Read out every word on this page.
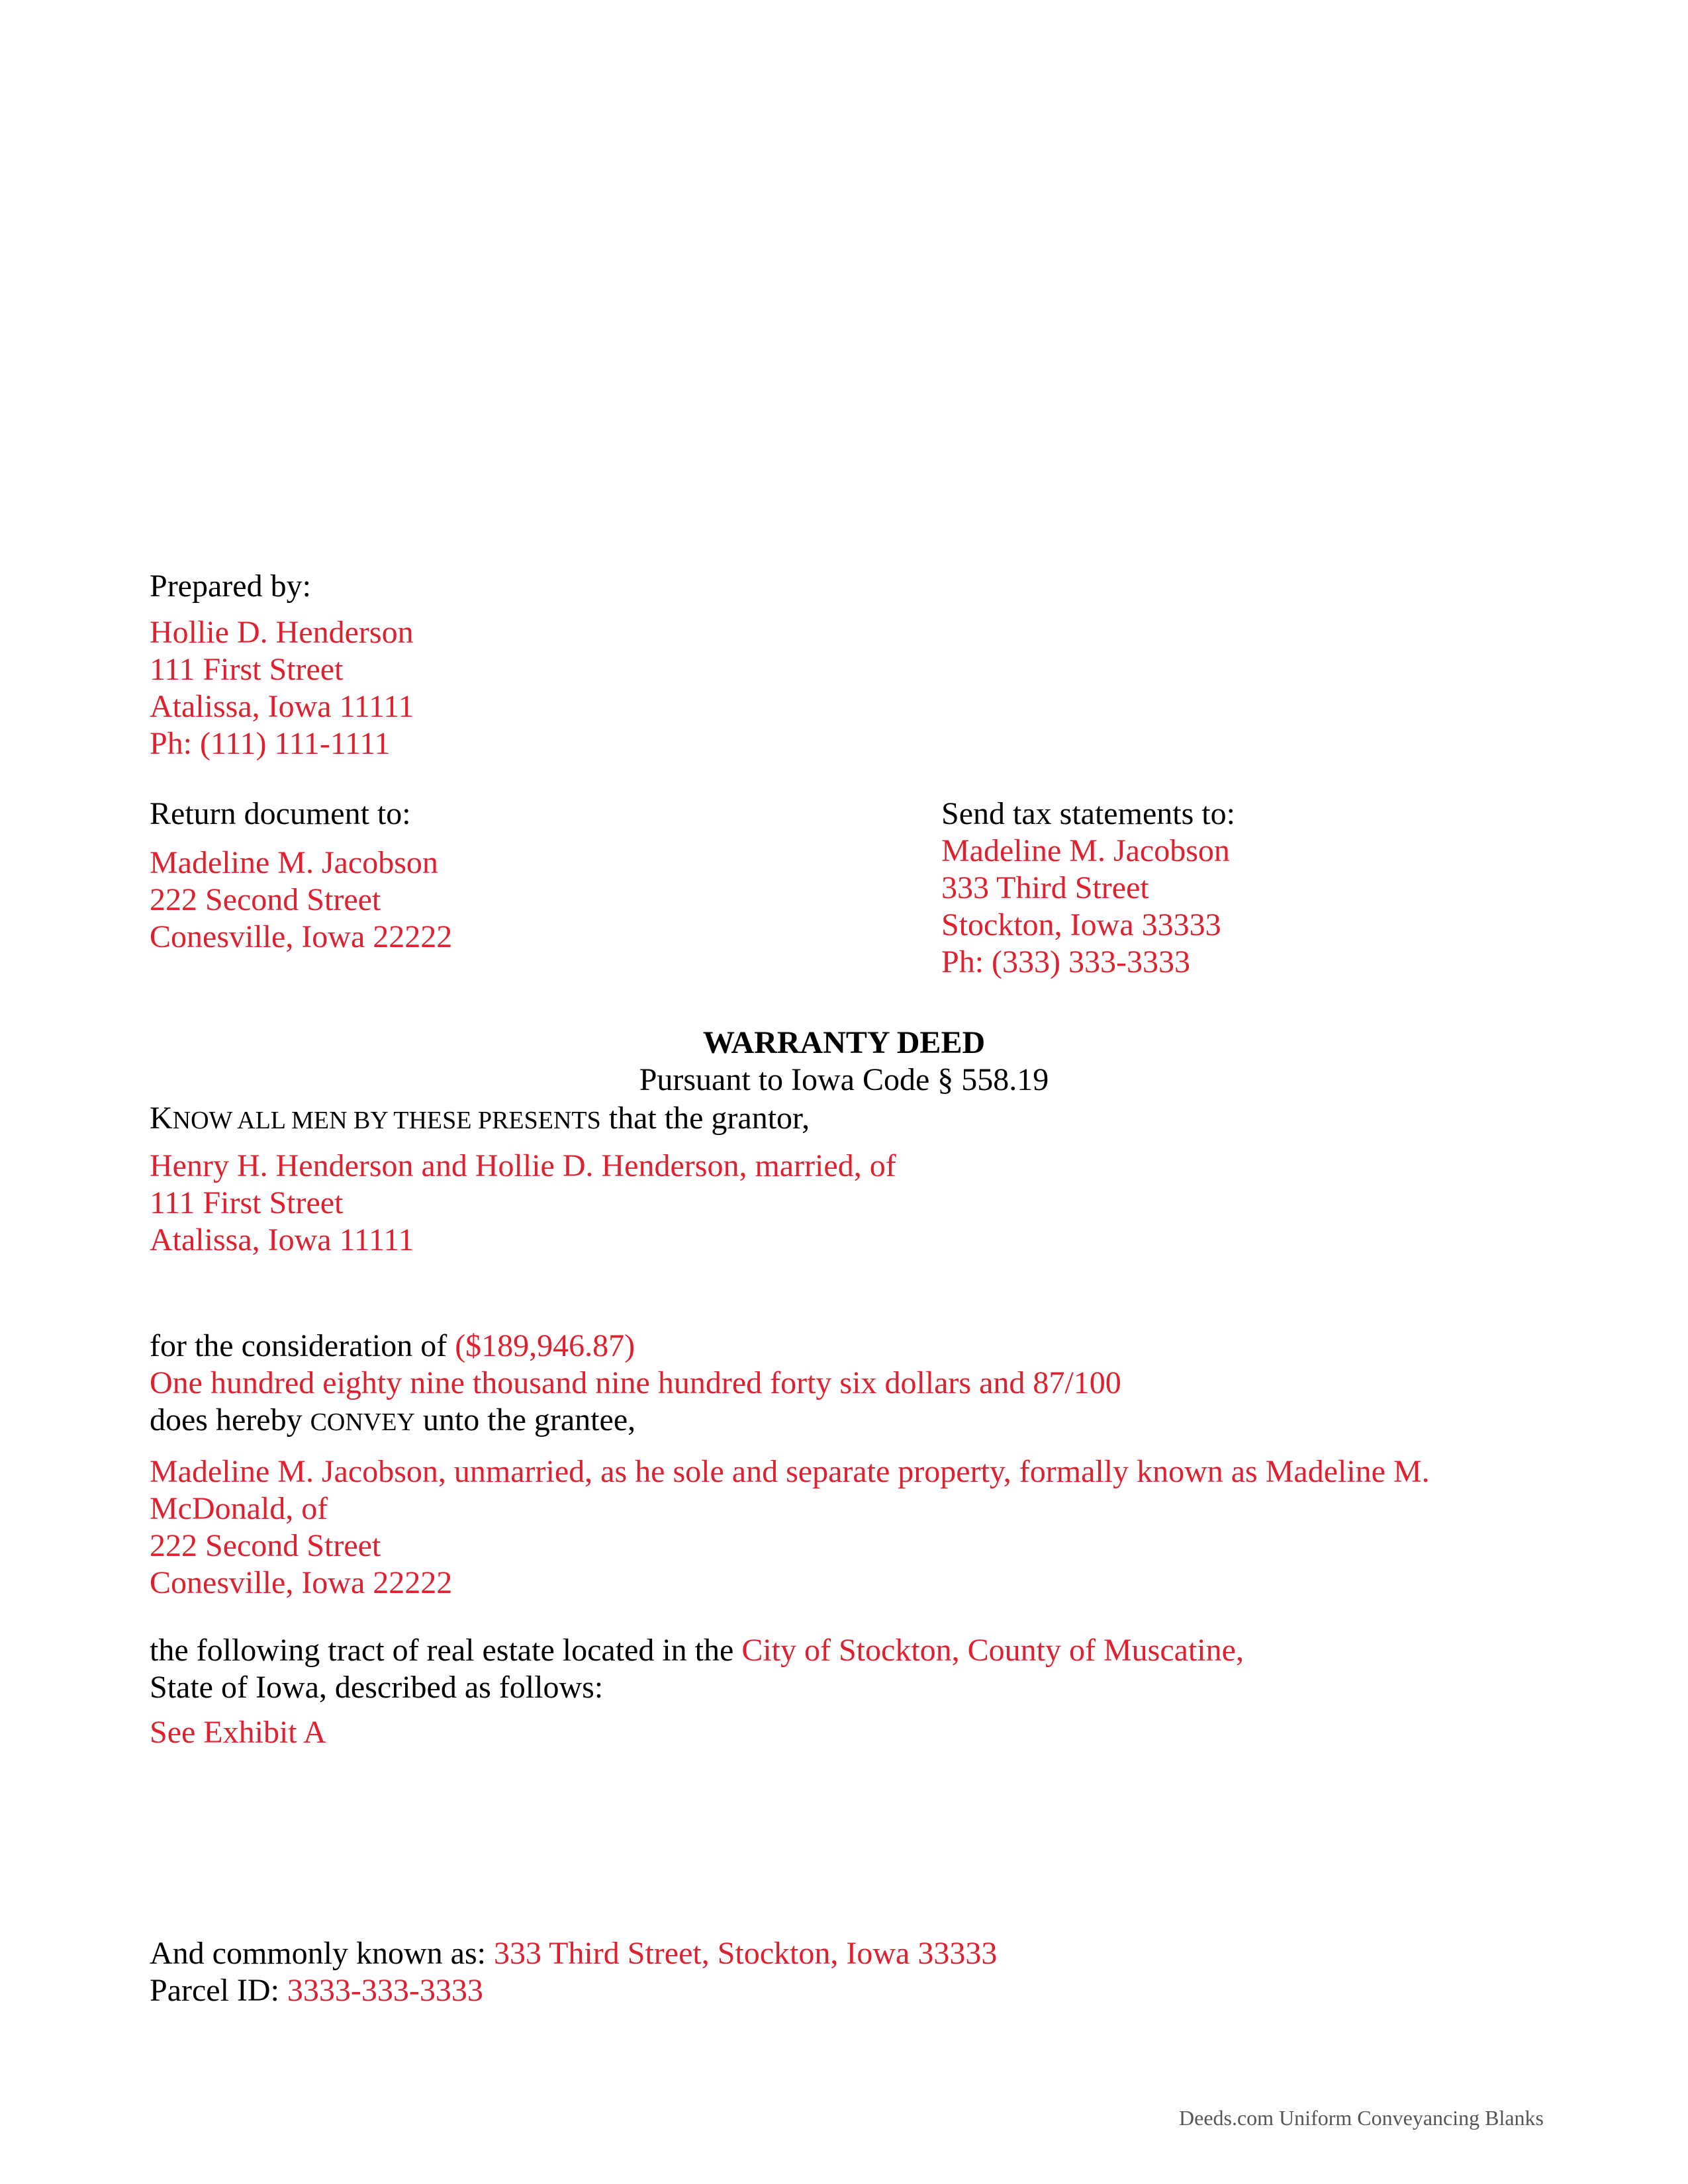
Prepared by:
Hollie D. Henderson
111 First Street
Atalissa, Iowa 11111
Ph: (111) 111-1111
Return document to:
Madeline M. Jacobson
222 Second Street
Conesville, Iowa 22222
Send tax statements to:
Madeline M. Jacobson
333 Third Street
Stockton, Iowa 33333
Ph: (333) 333-3333
WARRANTY DEED
Pursuant to Iowa Code § 558.19
KNOW ALL MEN BY THESE PRESENTS that the grantor,
Henry H. Henderson and Hollie D. Henderson, married, of
111 First Street
Atalissa, Iowa 11111
for the consideration of ($189,946.87)
One hundred eighty nine thousand nine hundred forty six dollars and 87/100
does hereby CONVEY unto the grantee,
Madeline M. Jacobson, unmarried, as he sole and separate property, formally known as Madeline M.
McDonald, of
222 Second Street
Conesville, Iowa 22222
the following tract of real estate located in the City of Stockton, County of Muscatine,
State of Iowa, described as follows:
See Exhibit A
And commonly known as: 333 Third Street, Stockton, Iowa 33333
Parcel ID: 3333-333-3333
Deeds.com Uniform Conveyancing Blanks
